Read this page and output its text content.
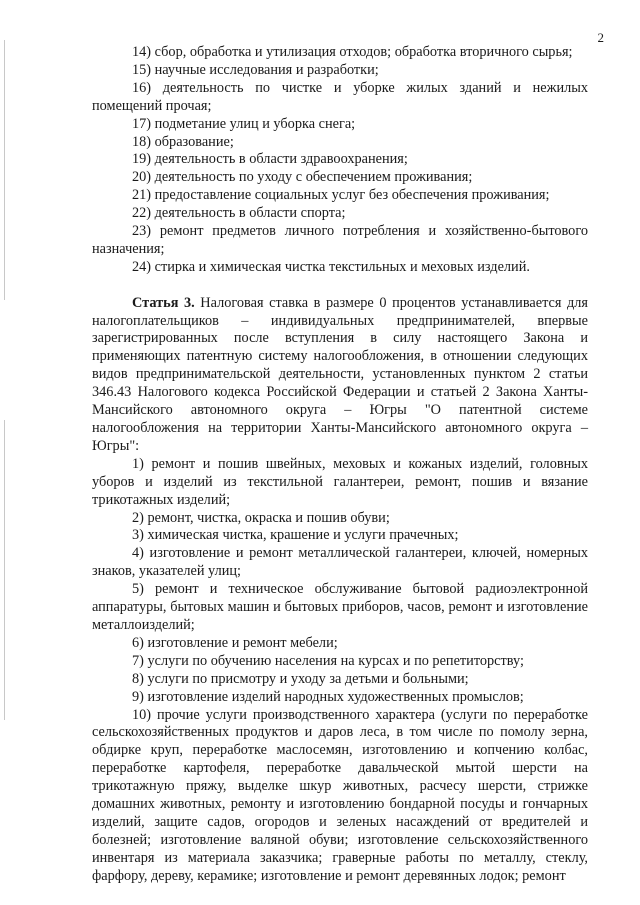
2

14) сбор, обработка и утилизация отходов; обработка вторичного сырья;

15) научные исследования и разработки;

16) деятельность по чистке и уборке жилых зданий и нежилых помещений прочая;

17) подметание улиц и уборка снега;

18) образование;

19) деятельность в области здравоохранения;

20) деятельность по уходу с обеспечением проживания;

21) предоставление социальных услуг без обеспечения проживания;

22) деятельность в области спорта;

23) ремонт предметов личного потребления и хозяйственно-бытового назначения;

24) стирка и химическая чистка текстильных и меховых изделий.

Статья 3. Налоговая ставка в размере 0 процентов устанавливается для налогоплательщиков – индивидуальных предпринимателей, впервые зарегистрированных после вступления в силу настоящего Закона и применяющих патентную систему налогообложения, в отношении следующих видов предпринимательской деятельности, установленных пунктом 2 статьи 346.43 Налогового кодекса Российской Федерации и статьей 2 Закона Ханты-Мансийского автономного округа – Югры "О патентной системе налогообложения на территории Ханты-Мансийского автономного округа – Югры":

1) ремонт и пошив швейных, меховых и кожаных изделий, головных уборов и изделий из текстильной галантереи, ремонт, пошив и вязание трикотажных изделий;

2) ремонт, чистка, окраска и пошив обуви;

3) химическая чистка, крашение и услуги прачечных;

4) изготовление и ремонт металлической галантереи, ключей, номерных знаков, указателей улиц;

5) ремонт и техническое обслуживание бытовой радиоэлектронной аппаратуры, бытовых машин и бытовых приборов, часов, ремонт и изготовление металлоизделий;

6) изготовление и ремонт мебели;

7) услуги по обучению населения на курсах и по репетиторству;

8) услуги по присмотру и уходу за детьми и больными;

9) изготовление изделий народных художественных промыслов;

10) прочие услуги производственного характера (услуги по переработке сельскохозяйственных продуктов и даров леса, в том числе по помолу зерна, обдирке круп, переработке маслосемян, изготовлению и копчению колбас, переработке картофеля, переработке давальческой мытой шерсти на трикотажную пряжу, выделке шкур животных, расчесу шерсти, стрижке домашних животных, ремонту и изготовлению бондарной посуды и гончарных изделий, защите садов, огородов и зеленых насаждений от вредителей и болезней; изготовление валяной обуви; изготовление сельскохозяйственного инвентаря из материала заказчика; граверные работы по металлу, стеклу, фарфору, дереву, керамике; изготовление и ремонт деревянных лодок; ремонт
